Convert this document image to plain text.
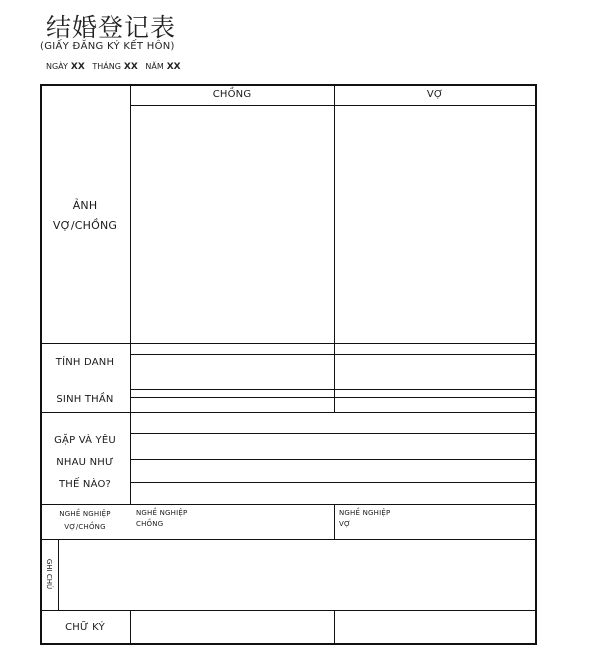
结婚登记表
(GIẤY ĐĂNG KÝ KẾT HÔN)
NGÀY XX THÁNG XX NĂM XX
CHỒNG	VỢ
ẢNH VỢ/CHỒNG
TÍNH DANH
SINH THẦN
GẶP VÀ YÊU NHAU NHƯ THẾ NÀO?
NGHỀ NGHIỆP VỢ/CHỒNG
NGHỀ NGHIỆP CHỒNG
NGHỀ NGHIỆP VỢ
GHI CHÚ
CHỮ KÝ
